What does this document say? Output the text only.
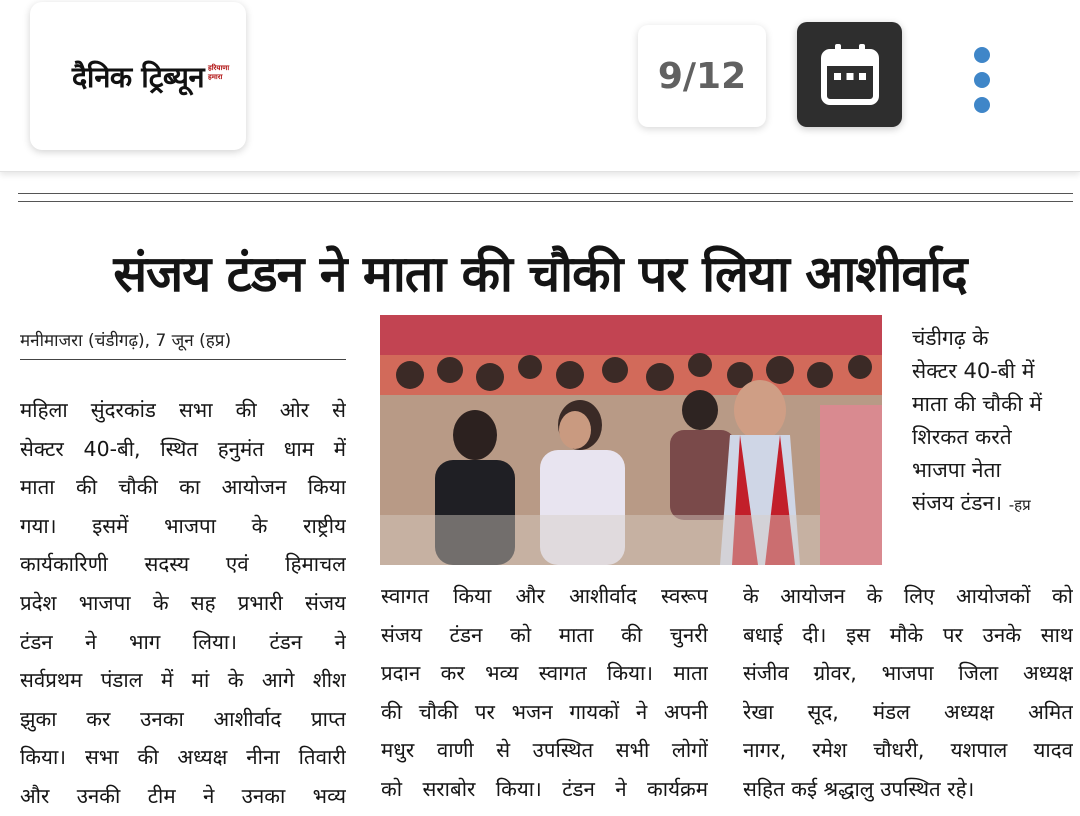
दैनिक ट्रिब्यून हरियाणा हमारा	9/12
संजय टंडन ने माता की चौकी पर लिया आशीर्वाद
मनीमाजरा (चंडीगढ़), 7 जून (हप्र)
महिला सुंदरकांड सभा की ओर से
सेक्टर 40-बी, स्थित हनुमंत धाम में
माता की चौकी का आयोजन किया
गया। इसमें भाजपा के राष्ट्रीय
कार्यकारिणी सदस्य एवं हिमाचल
प्रदेश भाजपा के सह प्रभारी संजय
टंडन ने भाग लिया। टंडन ने
सर्वप्रथम पंडाल में मां के आगे शीश
झुका कर उनका आशीर्वाद प्राप्त
किया। सभा की अध्यक्ष नीना तिवारी
और उनकी टीम ने उनका भव्य
चंडीगढ़ के
सेक्टर 40-बी में
माता की चौकी में
शिरकत करते
भाजपा नेता
संजय टंडन। -हप्र
स्वागत किया और आशीर्वाद स्वरूप
संजय टंडन को माता की चुनरी
प्रदान कर भव्य स्वागत किया। माता
की चौकी पर भजन गायकों ने अपनी
मधुर वाणी से उपस्थित सभी लोगों
को सराबोर किया। टंडन ने कार्यक्रम
के आयोजन के लिए आयोजकों को
बधाई दी। इस मौके पर उनके साथ
संजीव ग्रोवर, भाजपा जिला अध्यक्ष
रेखा सूद, मंडल अध्यक्ष अमित
नागर, रमेश चौधरी, यशपाल यादव
सहित कई श्रद्धालु उपस्थित रहे।
